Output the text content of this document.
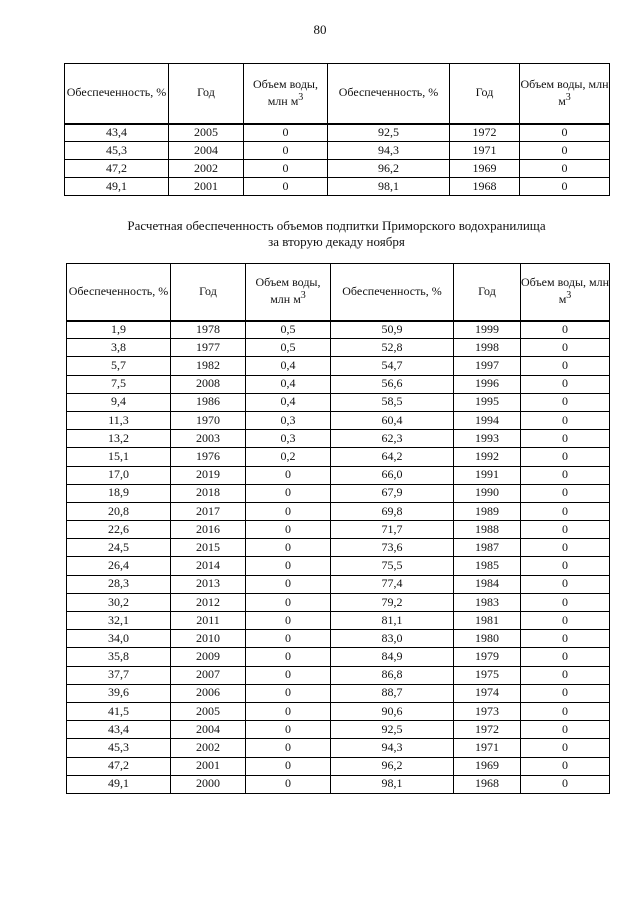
80
Обеспеченность, %	Год	Объем воды, млн $м^3$	Обеспеченность, %	Год	Объем воды, млн $м^3$
43,4	2005	0	92,5	1972	0
45,3	2004	0	94,3	1971	0
47,2	2002	0	96,2	1969	0
49,1	2001	0	98,1	1968	0
Расчетная обеспеченность объемов подпитки Приморского водохранилища
за вторую декаду ноября
Обеспеченность, %	Год	Объем воды, млн $м^3$	Обеспеченность, %	Год	Объем воды, млн $м^3$
1,9	1978	0,5	50,9	1999	0
3,8	1977	0,5	52,8	1998	0
5,7	1982	0,4	54,7	1997	0
7,5	2008	0,4	56,6	1996	0
9,4	1986	0,4	58,5	1995	0
11,3	1970	0,3	60,4	1994	0
13,2	2003	0,3	62,3	1993	0
15,1	1976	0,2	64,2	1992	0
17,0	2019	0	66,0	1991	0
18,9	2018	0	67,9	1990	0
20,8	2017	0	69,8	1989	0
22,6	2016	0	71,7	1988	0
24,5	2015	0	73,6	1987	0
26,4	2014	0	75,5	1985	0
28,3	2013	0	77,4	1984	0
30,2	2012	0	79,2	1983	0
32,1	2011	0	81,1	1981	0
34,0	2010	0	83,0	1980	0
35,8	2009	0	84,9	1979	0
37,7	2007	0	86,8	1975	0
39,6	2006	0	88,7	1974	0
41,5	2005	0	90,6	1973	0
43,4	2004	0	92,5	1972	0
45,3	2002	0	94,3	1971	0
47,2	2001	0	96,2	1969	0
49,1	2000	0	98,1	1968	0
